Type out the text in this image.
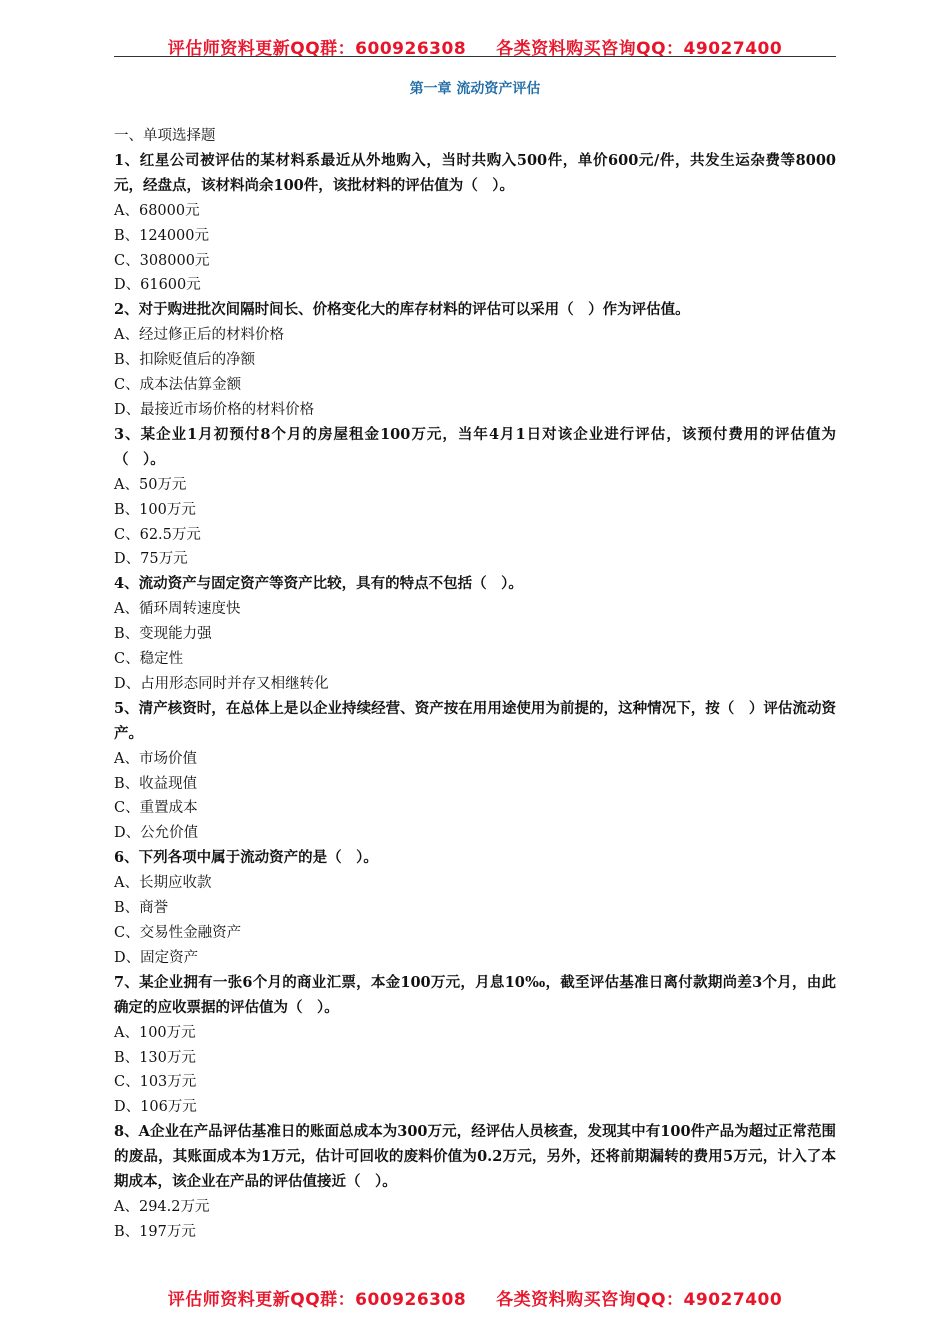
评估师资料更新QQ群：600926308 各类资料购买咨询QQ：49027400
第一章 流动资产评估
一、单项选择题
1、红星公司被评估的某材料系最近从外地购入，当时共购入500件，单价600元/件，共发生运杂费等8000元，经盘点，该材料尚余100件，该批材料的评估值为（　）。
A、68000元
B、124000元
C、308000元
D、61600元
2、对于购进批次间隔时间长、价格变化大的库存材料的评估可以采用（　）作为评估值。
A、经过修正后的材料价格
B、扣除贬值后的净额
C、成本法估算金额
D、最接近市场价格的材料价格
3、某企业1月初预付8个月的房屋租金100万元，当年4月1日对该企业进行评估，该预付费用的评估值为（　）。
A、50万元
B、100万元
C、62.5万元
D、75万元
4、流动资产与固定资产等资产比较，具有的特点不包括（　）。
A、循环周转速度快
B、变现能力强
C、稳定性
D、占用形态同时并存又相继转化
5、清产核资时，在总体上是以企业持续经营、资产按在用用途使用为前提的，这种情况下，按（　）评估流动资产。
A、市场价值
B、收益现值
C、重置成本
D、公允价值
6、下列各项中属于流动资产的是（　）。
A、长期应收款
B、商誉
C、交易性金融资产
D、固定资产
7、某企业拥有一张6个月的商业汇票，本金100万元，月息10‰，截至评估基准日离付款期尚差3个月，由此确定的应收票据的评估值为（　）。
A、100万元
B、130万元
C、103万元
D、106万元
8、A企业在产品评估基准日的账面总成本为300万元，经评估人员核查，发现其中有100件产品为超过正常范围的废品，其账面成本为1万元，估计可回收的废料价值为0.2万元，另外，还将前期漏转的费用5万元，计入了本期成本，该企业在产品的评估值接近（　）。
A、294.2万元
B、197万元
评估师资料更新QQ群：600926308 各类资料购买咨询QQ：49027400
